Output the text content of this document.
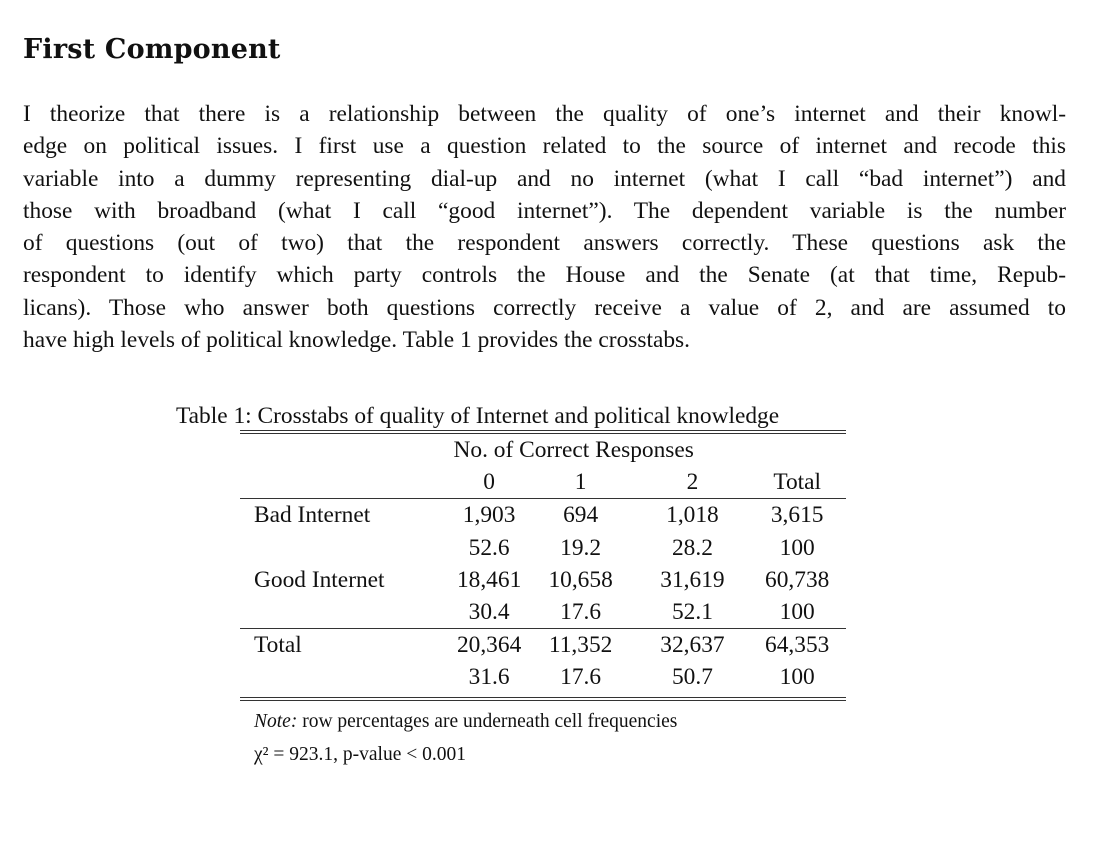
First Component
I theorize that there is a relationship between the quality of one’s internet and their knowl-
edge on political issues. I first use a question related to the source of internet and recode this
variable into a dummy representing dial-up and no internet (what I call “bad internet”) and
those with broadband (what I call “good internet”). The dependent variable is the number
of questions (out of two) that the respondent answers correctly. These questions ask the
respondent to identify which party controls the House and the Senate (at that time, Repub-
licans). Those who answer both questions correctly receive a value of 2, and are assumed to
have high levels of political knowledge. Table 1 provides the crosstabs.
Table 1: Crosstabs of quality of Internet and political knowledge
	No. of Correct Responses			
	0	1	2	Total
Bad Internet	1,903	694	1,018	3,615
	52.6	19.2	28.2	100
Good Internet	18,461	10,658	31,619	60,738
	30.4	17.6	52.1	100
Total	20,364	11,352	32,637	64,353
	31.6	17.6	50.7	100
Note: row percentages are underneath cell frequencies
χ² = 923.1, p-value < 0.001
